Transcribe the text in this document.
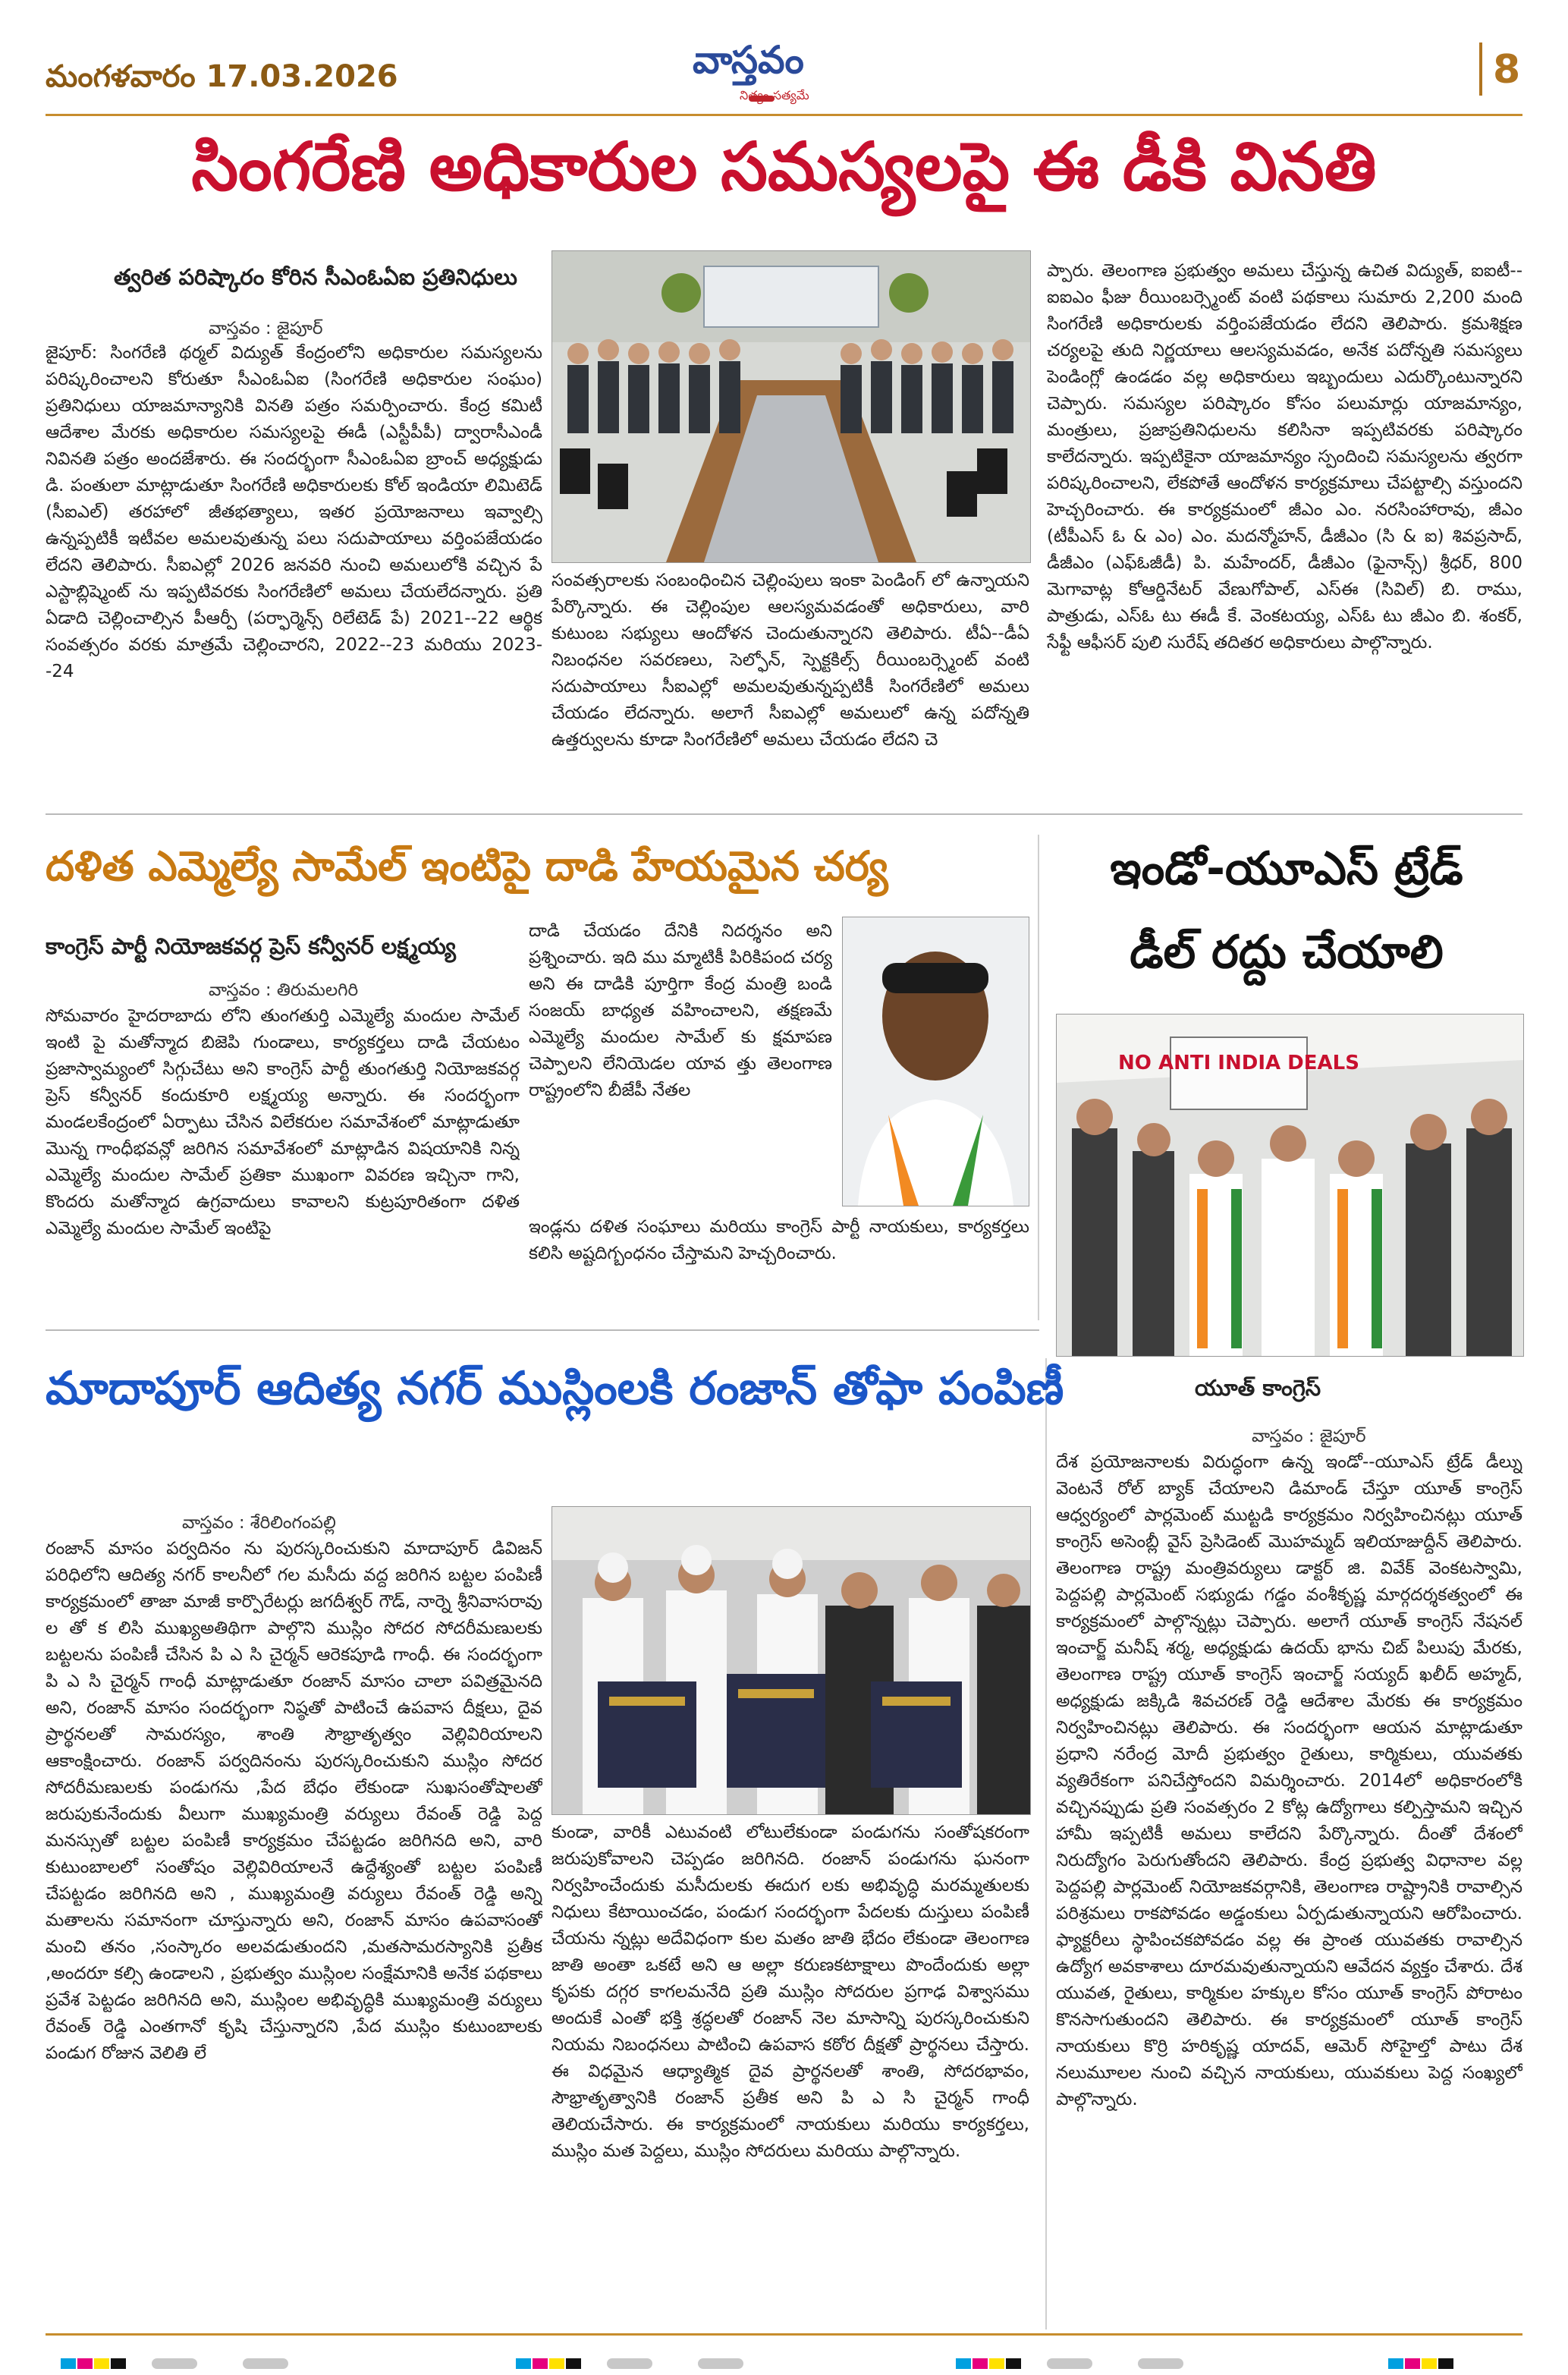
మంగళవారం 17.03.2026	వాస్తవం
నిత్యం సత్యమే
8
సింగరేణి అధికారుల సమస్యలపై ఈ డీకి వినతి
త్వరిత పరిష్కారం కోరిన సీఎంఓఏఐ ప్రతినిధులు
వాస్తవం : జైపూర్
జైపూర్: సింగరేణి థర్మల్ విద్యుత్ కేంద్రంలోని అధికారుల సమస్యలను పరిష్కరించాలని కోరుతూ సీఎంఓఏఐ (సింగరేణి అధికారుల సంఘం) ప్రతినిధులు యాజమాన్యానికి వినతి పత్రం సమర్పించారు. కేంద్ర కమిటీ ఆదేశాల మేరకు అధికారుల సమస్యలపై ఈడీ (ఎస్టీపీపీ) ద్వారాసీఎండీ నివినతి పత్రం అందజేశారు. ఈ సందర్భంగా సీఎంఓఏఐ బ్రాంచ్ అధ్యక్షుడు డి. పంతులా మాట్లాడుతూ సింగరేణి అధికారులకు కోల్ ఇండియా లిమిటెడ్ (సీఐఎల్) తరహాలో జీతభత్యాలు, ఇతర ప్రయోజనాలు ఇవ్వాల్సి ఉన్నప్పటికీ ఇటీవల అమలవుతున్న పలు సదుపాయాలు వర్తింపజేయడం లేదని తెలిపారు. సీఐఎల్లో 2026 జనవరి నుంచి అమలులోకి వచ్చిన పే ఎస్టాబ్లిష్మెంట్ ను ఇప్పటివరకు సింగరేణిలో అమలు చేయలేదన్నారు. ప్రతి ఏడాది చెల్లించాల్సిన పీఆర్పీ (పర్ఫార్మెన్స్ రిలేటెడ్ పే) 2021--22 ఆర్థిక సంవత్సరం వరకు మాత్రమే చెల్లించారని, 2022--23 మరియు 2023--24
సంవత్సరాలకు సంబంధించిన చెల్లింపులు ఇంకా పెండింగ్ లో ఉన్నాయని పేర్కొన్నారు. ఈ చెల్లింపుల ఆలస్యమవడంతో అధికారులు, వారి కుటుంబ సభ్యులు ఆందోళన చెందుతున్నారని తెలిపారు. టీఏ--డీఏ నిబంధనల సవరణలు, సెల్ఫోన్, స్పెక్టకిల్స్ రీయింబర్స్మెంట్ వంటి సదుపాయాలు సీఐఎల్లో అమలవుతున్నప్పటికీ సింగరేణిలో అమలు చేయడం లేదన్నారు. అలాగే సీఐఎల్లో అమలులో ఉన్న పదోన్నతి ఉత్తర్వులను కూడా సింగరేణిలో అమలు చేయడం లేదని చె
ప్పారు. తెలంగాణ ప్రభుత్వం అమలు చేస్తున్న ఉచిత విద్యుత్, ఐఐటీ--ఐఐఎం ఫీజు రీయింబర్స్మెంట్ వంటి పథకాలు సుమారు 2,200 మంది సింగరేణి అధికారులకు వర్తింపజేయడం లేదని తెలిపారు. క్రమశిక్షణ చర్యలపై తుది నిర్ణయాలు ఆలస్యమవడం, అనేక పదోన్నతి సమస్యలు పెండింగ్లో ఉండడం వల్ల అధికారులు ఇబ్బందులు ఎదుర్కొంటున్నారని చెప్పారు. సమస్యల పరిష్కారం కోసం పలుమార్లు యాజమాన్యం, మంత్రులు, ప్రజాప్రతినిధులను కలిసినా ఇప్పటివరకు పరిష్కారం కాలేదన్నారు. ఇప్పటికైనా యాజమాన్యం స్పందించి సమస్యలను త్వరగా పరిష్కరించాలని, లేకపోతే ఆందోళన కార్యక్రమాలు చేపట్టాల్సి వస్తుందని హెచ్చరించారు. ఈ కార్యక్రమంలో జీఎం ఎం. నరసింహారావు, జీఎం (టీపీఎస్ ఓ & ఎం) ఎం. మదన్మోహన్, డీజీఎం (సి & ఐ) శివప్రసాద్, డీజీఎం (ఎఫ్ఓజీడీ) పి. మహేందర్, డీజీఎం (ఫైనాన్స్) శ్రీధర్, 800 మెగావాట్ల కోఆర్డినేటర్ వేణుగోపాల్, ఎస్ఈ (సివిల్) బి. రాము, పాత్రుడు, ఎస్ఓ టు ఈడీ కే. వెంకటయ్య, ఎస్ఓ టు జీఎం బి. శంకర్, సేఫ్టీ ఆఫీసర్ పులి సురేష్ తదితర అధికారులు పాల్గొన్నారు.
దళిత ఎమ్మెల్యే సామేల్ ఇంటిపై దాడి హేయమైన చర్య
కాంగ్రెస్ పార్టీ నియోజకవర్గ ప్రెస్ కన్వీనర్ లక్ష్మయ్య
వాస్తవం : తిరుమలగిరి
సోమవారం హైదరాబాదు లోని తుంగతుర్తి ఎమ్మెల్యే మందుల సామేల్ ఇంటి పై మతోన్మాద బిజెపి గుండాలు, కార్యకర్తలు దాడి చేయటం ప్రజాస్వామ్యంలో సిగ్గుచేటు అని కాంగ్రెస్ పార్టీ తుంగతుర్తి నియోజకవర్గ ప్రెస్ కన్వీనర్ కందుకూరి లక్ష్మయ్య అన్నారు. ఈ సందర్భంగా మండలకేంద్రంలో ఏర్పాటు చేసిన విలేకరుల సమావేశంలో మాట్లాడుతూ మొన్న గాంధీభవన్లో జరిగిన సమావేశంలో మాట్లాడిన విషయానికి నిన్న ఎమ్మెల్యే మందుల సామేల్ ప్రతికా ముఖంగా వివరణ ఇచ్చినా గాని, కొందరు మతోన్మాద ఉగ్రవాదులు కావాలని కుట్రపూరితంగా దళిత ఎమ్మెల్యే మందుల సామేల్ ఇంటిపై
దాడి చేయడం దేనికి నిదర్శనం అని ప్రశ్నించారు. ఇది ము మ్మాటికీ పిరికిపంద చర్య అని ఈ దాడికి పూర్తిగా కేంద్ర మంత్రి బండి సంజయ్ బాధ్యత వహించాలని, తక్షణమే ఎమ్మెల్యే మందుల సామేల్ కు క్షమాపణ చెప్పాలని లేనియెడల యావ త్తు తెలంగాణ రాష్ట్రంలోని బీజేపీ నేతల
ఇండ్లను దళిత సంఘాలు మరియు కాంగ్రెస్ పార్టీ నాయకులు, కార్యకర్తలు కలిసి అష్టదిగ్బంధనం చేస్తామని హెచ్చరించారు.
ఇండో-యూఎస్ ట్రేడ్
డీల్ రద్దు చేయాలి
NO ANTI INDIA DEALS
యూత్ కాంగ్రెస్
వాస్తవం : జైపూర్
దేశ ప్రయోజనాలకు విరుద్ధంగా ఉన్న ఇండో--యూఎస్ ట్రేడ్ డీల్ను వెంటనే రోల్ బ్యాక్ చేయాలని డిమాండ్ చేస్తూ యూత్ కాంగ్రెస్ ఆధ్వర్యంలో పార్లమెంట్ ముట్టడి కార్యక్రమం నిర్వహించినట్లు యూత్ కాంగ్రెస్ అసెంబ్లీ వైస్ ప్రెసిడెంట్ మొహమ్మద్ ఇలియాజుద్దీన్ తెలిపారు. తెలంగాణ రాష్ట్ర మంత్రివర్యులు డాక్టర్ జి. వివేక్ వెంకటస్వామి, పెద్దపల్లి పార్లమెంట్ సభ్యుడు గడ్డం వంశీకృష్ణ మార్గదర్శకత్వంలో ఈ కార్యక్రమంలో పాల్గొన్నట్లు చెప్పారు. అలాగే యూత్ కాంగ్రెస్ నేషనల్ ఇంచార్జ్ మనీష్ శర్మ, అధ్యక్షుడు ఉదయ్ భాను చిబ్ పిలుపు మేరకు, తెలంగాణ రాష్ట్ర యూత్ కాంగ్రెస్ ఇంచార్జ్ సయ్యద్ ఖలీద్ అహ్మద్, అధ్యక్షుడు జక్కిడి శివచరణ్ రెడ్డి ఆదేశాల మేరకు ఈ కార్యక్రమం నిర్వహించినట్లు తెలిపారు. ఈ సందర్భంగా ఆయన మాట్లాడుతూ ప్రధాని నరేంద్ర మోదీ ప్రభుత్వం రైతులు, కార్మికులు, యువతకు వ్యతిరేకంగా పనిచేస్తోందని విమర్శించారు. 2014లో అధికారంలోకి వచ్చినప్పుడు ప్రతి సంవత్సరం 2 కోట్ల ఉద్యోగాలు కల్పిస్తామని ఇచ్చిన హామీ ఇప్పటికీ అమలు కాలేదని పేర్కొన్నారు. దీంతో దేశంలో నిరుద్యోగం పెరుగుతోందని తెలిపారు. కేంద్ర ప్రభుత్వ విధానాల వల్ల పెద్దపల్లి పార్లమెంట్ నియోజకవర్గానికి, తెలంగాణ రాష్ట్రానికి రావాల్సిన పరిశ్రమలు రాకపోవడం అడ్డంకులు ఏర్పడుతున్నాయని ఆరోపించారు. ఫ్యాక్టరీలు స్థాపించకపోవడం వల్ల ఈ ప్రాంత యువతకు రావాల్సిన ఉద్యోగ అవకాశాలు దూరమవుతున్నాయని ఆవేదన వ్యక్తం చేశారు. దేశ యువత, రైతులు, కార్మికుల హక్కుల కోసం యూత్ కాంగ్రెస్ పోరాటం కొనసాగుతుందని తెలిపారు. ఈ కార్యక్రమంలో యూత్ కాంగ్రెస్ నాయకులు కొర్రి హరికృష్ణ యాదవ్, ఆమెర్ సోహైల్తో పాటు దేశ నలుమూలల నుంచి వచ్చిన నాయకులు, యువకులు పెద్ద సంఖ్యలో పాల్గొన్నారు.
మాదాపూర్ ఆదిత్య నగర్ ముస్లింలకి రంజాన్ తోఫా పంపిణీ
వాస్తవం : శేరిలింగంపల్లి
రంజాన్ మాసం పర్వదినం ను పురస్కరించుకుని మాదాపూర్ డివిజన్ పరిధిలోని ఆదిత్య నగర్ కాలనీలో గల మసీదు వద్ద జరిగిన బట్టల పంపిణీ కార్యక్రమంలో తాజా మాజీ కార్పొరేటర్లు జగదీశ్వర్ గౌడ్, నార్నె శ్రీనివాసరావు ల తో క లిసి ముఖ్యఅతిథిగా పాల్గొని ముస్లిం సోదర సోదరీమణులకు బట్టలను పంపిణీ చేసిన పి ఎ సి చైర్మన్ ఆరెకపూడి గాంధీ. ఈ సందర్భంగా పి ఎ సి చైర్మన్ గాంధీ మాట్లాడుతూ రంజాన్ మాసం చాలా పవిత్రమైనది అని, రంజాన్ మాసం సందర్భంగా నిష్ఠతో పాటించే ఉపవాస దీక్షలు, దైవ ప్రార్థనలతో సామరస్యం, శాంతి సౌభ్రాతృత్వం వెల్లివిరియాలని ఆకాంక్షించారు. రంజాన్ పర్వదినంను పురస్కరించుకుని ముస్లిం సోదర సోదరీమణులకు పండుగను ,పేద బేధం లేకుండా సుఖసంతోషాలతో జరుపుకునేందుకు వీలుగా ముఖ్యమంత్రి వర్యులు రేవంత్ రెడ్డి పెద్ద మనస్సుతో బట్టల పంపిణీ కార్యక్రమం చేపట్టడం జరిగినది అని, వారి కుటుంబాలలో సంతోషం వెల్లివిరియాలనే ఉద్దేశ్యంతో బట్టల పంపిణీ చేపట్టడం జరిగినది అని , ముఖ్యమంత్రి వర్యులు రేవంత్ రెడ్డి అన్ని మతాలను సమానంగా చూస్తున్నారు అని, రంజాన్ మాసం ఉపవాసంతో మంచి తనం ,సంస్కారం అలవడుతుందని ,మతసామరస్యానికి ప్రతీక ,అందరూ కల్సి ఉండాలని , ప్రభుత్వం ముస్లింల సంక్షేమానికి అనేక పథకాలు ప్రవేశ పెట్టడం జరిగినది అని, ముస్లింల అభివృద్ధికి ముఖ్యమంత్రి వర్యులు రేవంత్ రెడ్డి ఎంతగానో కృషి చేస్తున్నారని ,పేద ముస్లిం కుటుంబాలకు పండుగ రోజున వెలితి లే
కుండా, వారికీ ఎటువంటి లోటులేకుండా పండుగను సంతోషకరంగా జరుపుకోవాలని చెప్పడం జరిగినది. రంజాన్ పండుగను ఘనంగా నిర్వహించేందుకు మసీదులకు ఈదుగ లకు అభివృద్ధి మరమ్మతులకు నిధులు కేటాయించడం, పండుగ సందర్భంగా పేదలకు దుస్తులు పంపిణీ చేయను న్నట్లు అదేవిధంగా కుల మతం జాతి భేదం లేకుండా తెలంగాణ జాతి అంతా ఒకటే అని ఆ అల్లా కరుణకటాక్షాలు పొందేందుకు అల్లా కృపకు దగ్గర కాగలమనేది ప్రతి ముస్లిం సోదరుల ప్రగాఢ విశ్వాసము అందుకే ఎంతో భక్తి శ్రద్ధలతో రంజాన్ నెల మాసాన్ని పురస్కరించుకుని నియమ నిబంధనలు పాటించి ఉపవాస కఠోర దీక్షతో ప్రార్థనలు చేస్తారు. ఈ విధమైన ఆధ్యాత్మిక దైవ ప్రార్థనలతో శాంతి, సోదరభావం, సౌభ్రాతృత్వానికి రంజాన్ ప్రతీక అని పి ఎ సి చైర్మన్ గాంధీ తెలియచేసారు. ఈ కార్యక్రమంలో నాయకులు మరియు కార్యకర్తలు, ముస్లిం మత పెద్దలు, ముస్లిం సోదరులు మరియు పాల్గొన్నారు.
